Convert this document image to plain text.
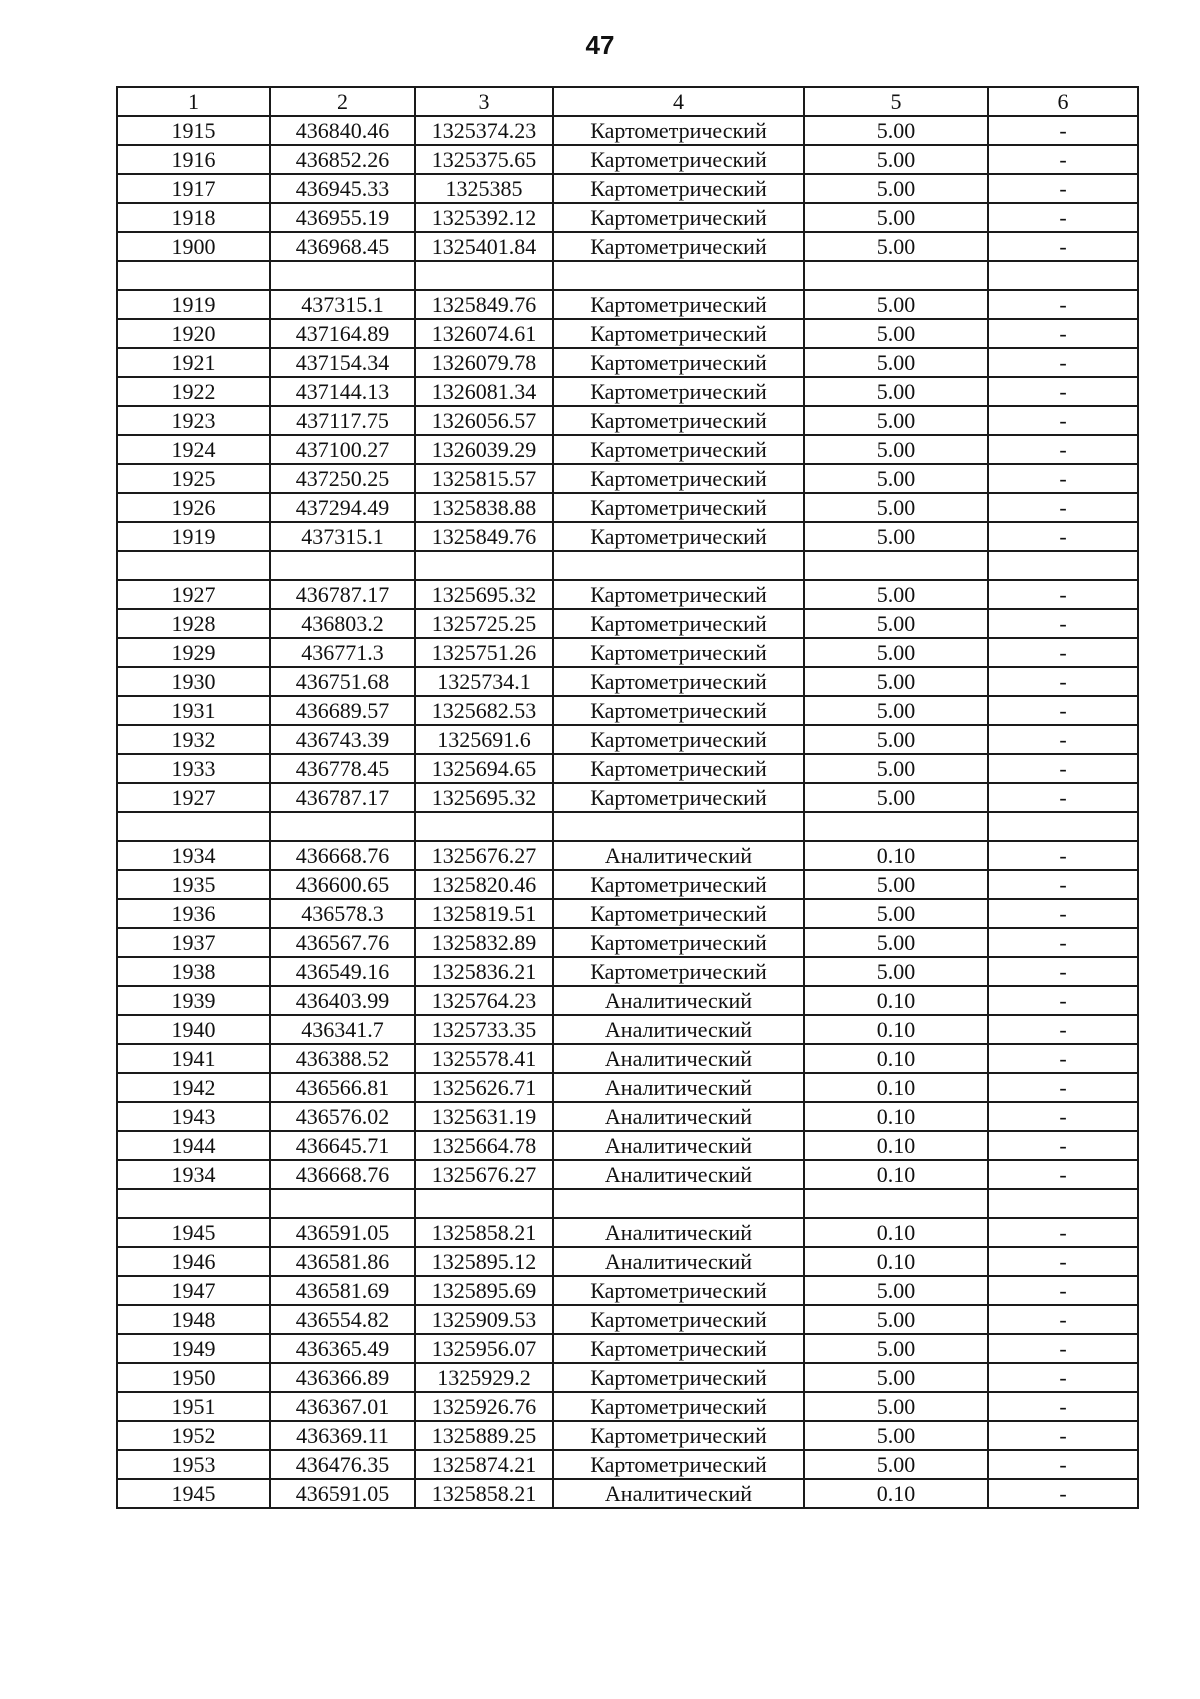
47
1	2	3	4	5	6
1915	436840.46	1325374.23	Картометрический	5.00	-
1916	436852.26	1325375.65	Картометрический	5.00	-
1917	436945.33	1325385	Картометрический	5.00	-
1918	436955.19	1325392.12	Картометрический	5.00	-
1900	436968.45	1325401.84	Картометрический	5.00	-

1919	437315.1	1325849.76	Картометрический	5.00	-
1920	437164.89	1326074.61	Картометрический	5.00	-
1921	437154.34	1326079.78	Картометрический	5.00	-
1922	437144.13	1326081.34	Картометрический	5.00	-
1923	437117.75	1326056.57	Картометрический	5.00	-
1924	437100.27	1326039.29	Картометрический	5.00	-
1925	437250.25	1325815.57	Картометрический	5.00	-
1926	437294.49	1325838.88	Картометрический	5.00	-
1919	437315.1	1325849.76	Картометрический	5.00	-

1927	436787.17	1325695.32	Картометрический	5.00	-
1928	436803.2	1325725.25	Картометрический	5.00	-
1929	436771.3	1325751.26	Картометрический	5.00	-
1930	436751.68	1325734.1	Картометрический	5.00	-
1931	436689.57	1325682.53	Картометрический	5.00	-
1932	436743.39	1325691.6	Картометрический	5.00	-
1933	436778.45	1325694.65	Картометрический	5.00	-
1927	436787.17	1325695.32	Картометрический	5.00	-

1934	436668.76	1325676.27	Аналитический	0.10	-
1935	436600.65	1325820.46	Картометрический	5.00	-
1936	436578.3	1325819.51	Картометрический	5.00	-
1937	436567.76	1325832.89	Картометрический	5.00	-
1938	436549.16	1325836.21	Картометрический	5.00	-
1939	436403.99	1325764.23	Аналитический	0.10	-
1940	436341.7	1325733.35	Аналитический	0.10	-
1941	436388.52	1325578.41	Аналитический	0.10	-
1942	436566.81	1325626.71	Аналитический	0.10	-
1943	436576.02	1325631.19	Аналитический	0.10	-
1944	436645.71	1325664.78	Аналитический	0.10	-
1934	436668.76	1325676.27	Аналитический	0.10	-

1945	436591.05	1325858.21	Аналитический	0.10	-
1946	436581.86	1325895.12	Аналитический	0.10	-
1947	436581.69	1325895.69	Картометрический	5.00	-
1948	436554.82	1325909.53	Картометрический	5.00	-
1949	436365.49	1325956.07	Картометрический	5.00	-
1950	436366.89	1325929.2	Картометрический	5.00	-
1951	436367.01	1325926.76	Картометрический	5.00	-
1952	436369.11	1325889.25	Картометрический	5.00	-
1953	436476.35	1325874.21	Картометрический	5.00	-
1945	436591.05	1325858.21	Аналитический	0.10	-
